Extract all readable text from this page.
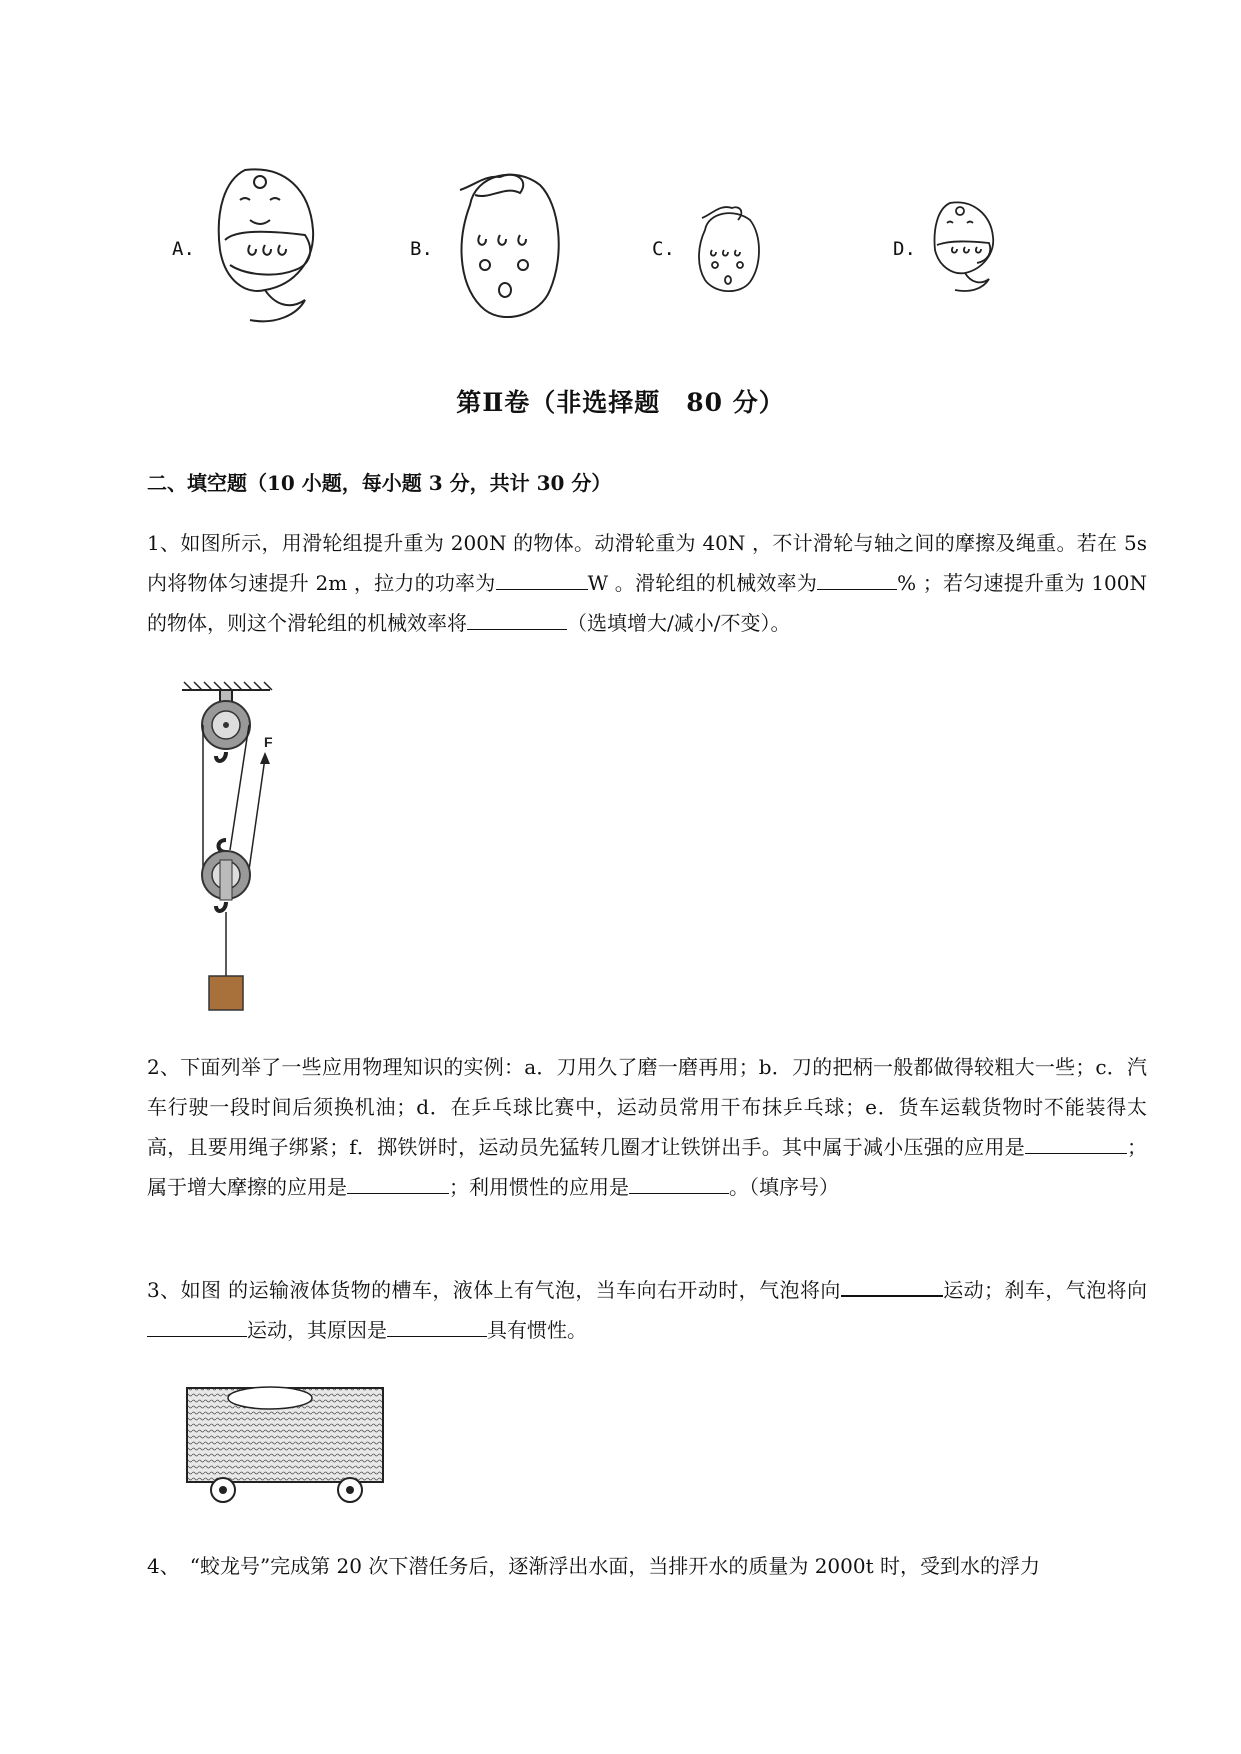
A.	B.	C.	D.
第Ⅱ卷（非选择题　80 分）
二、填空题（10 小题，每小题 3 分，共计 30 分）
1、如图所示，用滑轮组提升重为 200N 的物体。动滑轮重为 40N ，不计滑轮与轴之间的摩擦及绳重。若在 5s 内将物体匀速提升 2m ，拉力的功率为	W 。滑轮组的机械效率为	% ；若匀速提升重为 100N 的物体，则这个滑轮组的机械效率将	（选填增大/减小/不变）。
F
2、下面列举了一些应用物理知识的实例：a．刀用久了磨一磨再用；b．刀的把柄一般都做得较粗大一些；c．汽车行驶一段时间后须换机油；d．在乒乓球比赛中，运动员常用干布抹乒乓球；e．货车运载货物时不能装得太高，且要用绳子绑紧；f．掷铁饼时，运动员先猛转几圈才让铁饼出手。其中属于减小压强的应用是	；属于增大摩擦的应用是	；利用惯性的应用是	。（填序号）
3、如图 的运输液体货物的槽车，液体上有气泡，当车向右开动时，气泡将向	运动；刹车，气泡将向运动，其原因是	具有惯性。
4、　“蛟龙号”完成第 20 次下潜任务后，逐渐浮出水面，当排开水的质量为 2000t 时，受到水的浮力
